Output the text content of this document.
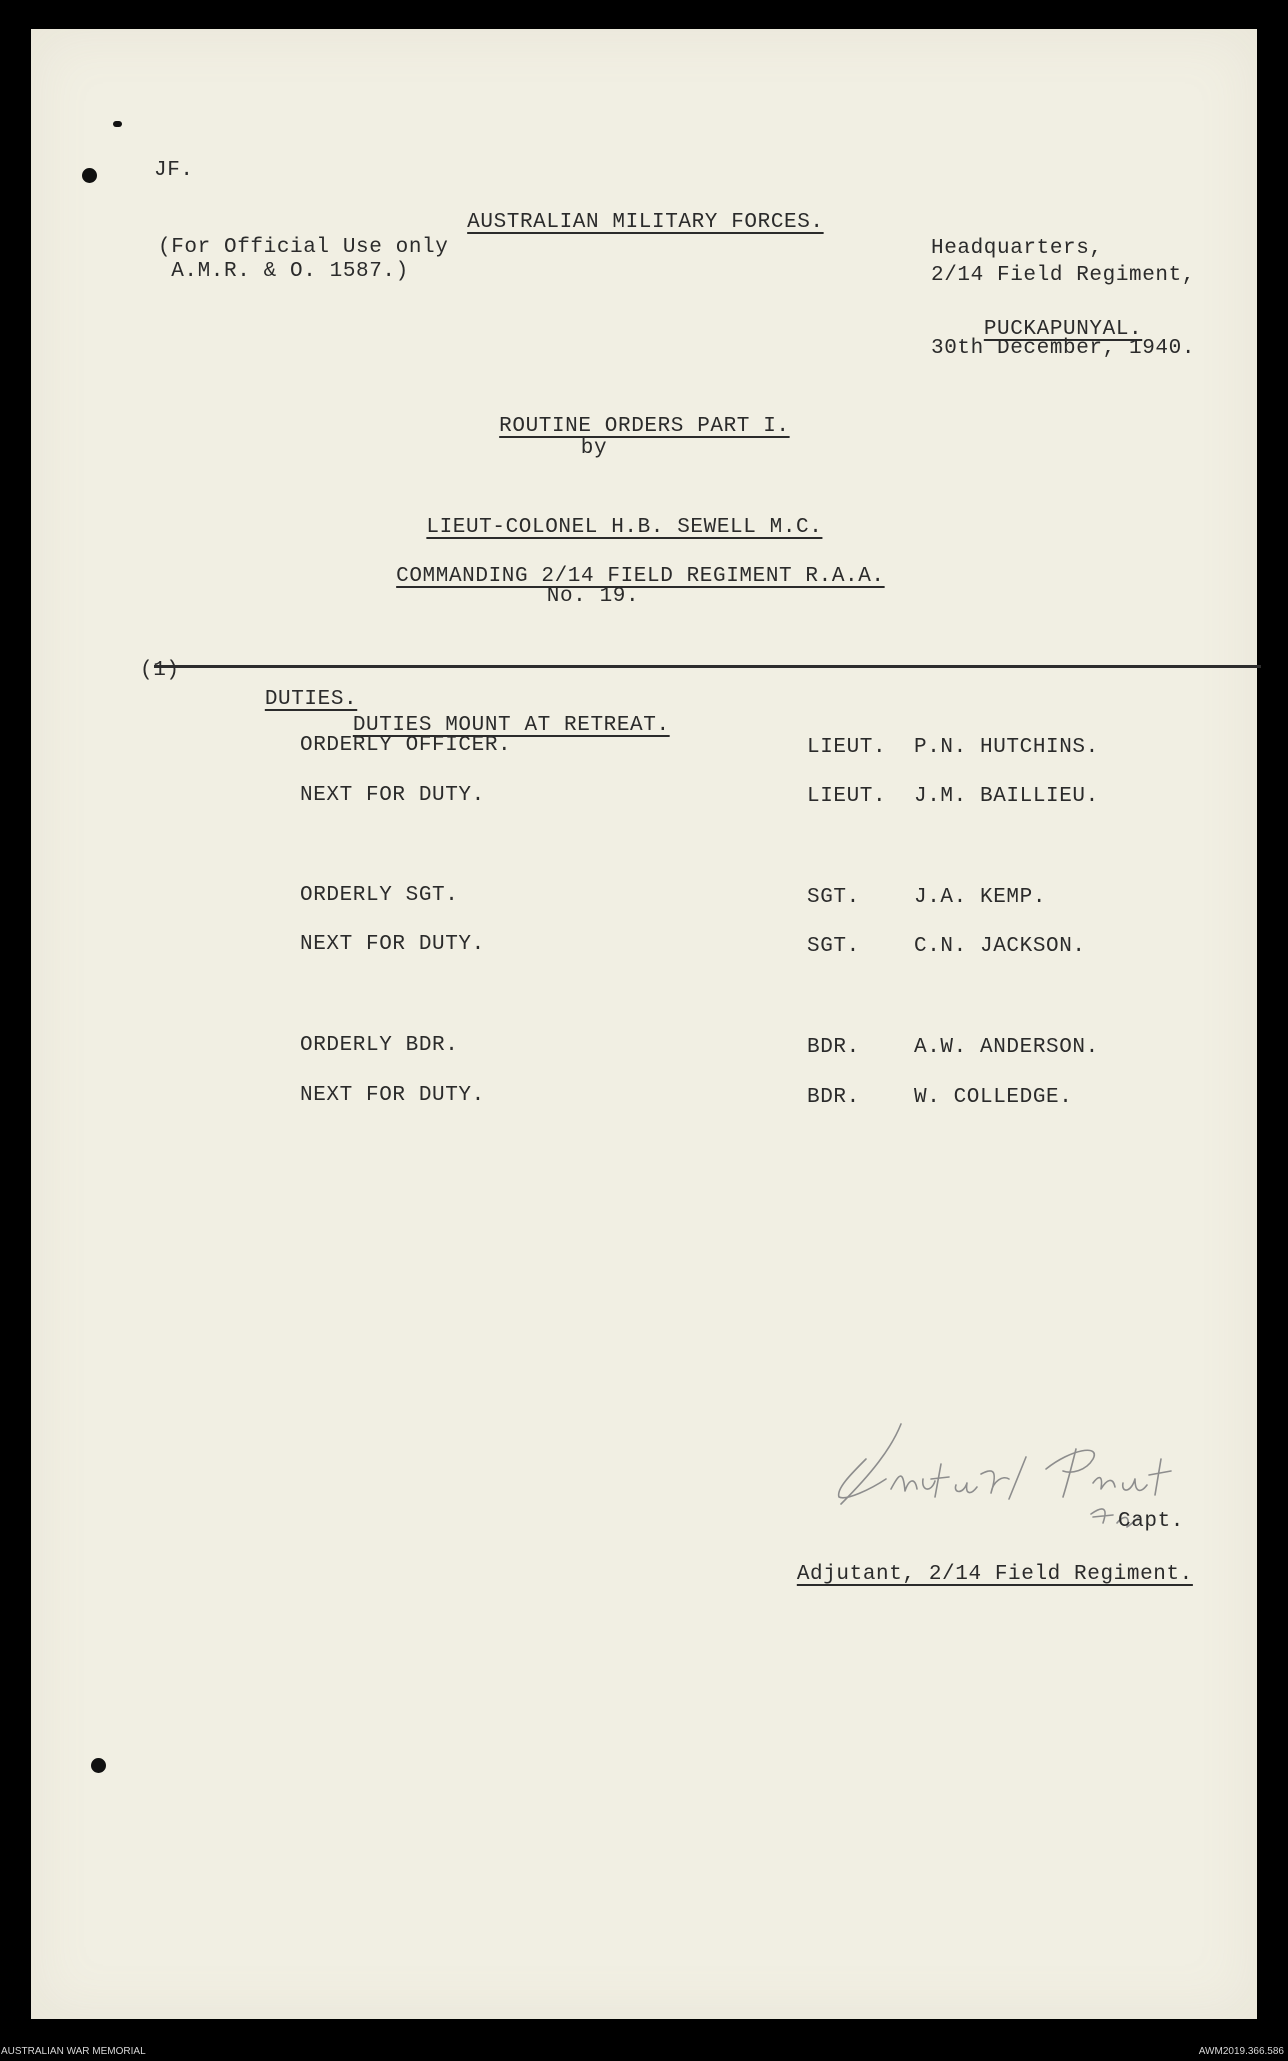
JF.

AUSTRALIAN MILITARY FORCES.

(For Official Use only
A.M.R. & O. 1587.)
Headquarters,
2/14 Field Regiment,

PUCKAPUNYAL.

30th December, 1940.

ROUTINE ORDERS PART I.

by

LIEUT-COLONEL H.B. SEWELL M.C.

COMMANDING 2/14 FIELD REGIMENT R.A.A.

No. 19.
(1)

DUTIES.

DUTIES MOUNT AT RETREAT.

ORDERLY OFFICER.	LIEUT. P.N. HUTCHINS.
NEXT FOR DUTY.	LIEUT. J.M. BAILLIEU.
ORDERLY SGT.	SGT.	J.A. KEMP.
NEXT FOR DUTY.	SGT.	C.N. JACKSON.
ORDERLY BDR.	BDR.	A.W. ANDERSON.
NEXT FOR DUTY.	BDR.	W. COLLEDGE.
Capt.

Adjutant, 2/14 Field Regiment.

AUSTRALIAN WAR MEMORIAL	AWM2019.366.586
